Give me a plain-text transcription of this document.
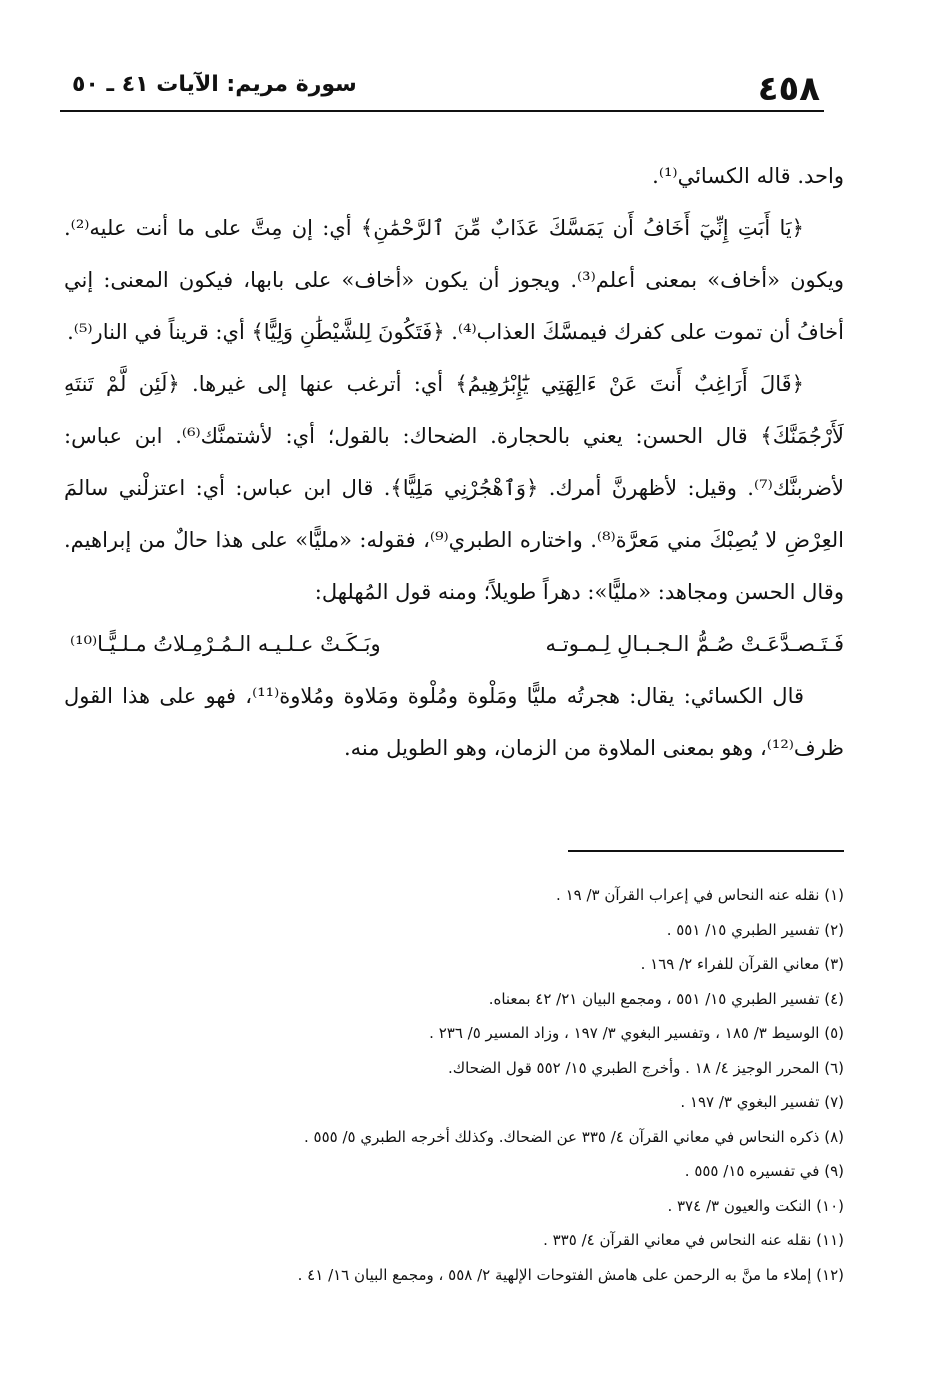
٤٥٨
سورة مريم: الآيات ٤١ ـ ٥٠

واحد. قاله الكسائي⁽¹⁾.

﴿يَا أَبَتِ إِنِّيٓ أَخَافُ أَن يَمَسَّكَ عَذَابٌ مِّنَ ٱلرَّحْمَٰنِ﴾ أي: إن مِتَّ على ما أنت عليه⁽²⁾. ويكون «أخاف» بمعنى أعلم⁽³⁾. ويجوز أن يكون «أخاف» على بابها، فيكون المعنى: إني أخافُ أن تموت على كفرك فيمسَّكَ العذاب⁽⁴⁾. ﴿فَتَكُونَ لِلشَّيْطَٰنِ وَلِيًّا﴾ أي: قريناً في النار⁽⁵⁾.

﴿قَالَ أَرَاغِبٌ أَنتَ عَنْ ءَالِهَتِي يَٰٓإِبْرَٰهِيمُ﴾ أي: أترغب عنها إلى غيرها. ﴿لَئِن لَّمْ تَنتَهِ لَأَرْجُمَنَّكَ﴾ قال الحسن: يعني بالحجارة. الضحاك: بالقول؛ أي: لأشتمنَّك⁽⁶⁾. ابن عباس: لأضربنَّك⁽⁷⁾. وقيل: لأظهرنَّ أمرك. ﴿وَٱهْجُرْنِي مَلِيًّا﴾. قال ابن عباس: أي: اعتزلْني سالمَ العِرْضِ لا يُصِبْكَ مني مَعرَّة⁽⁸⁾. واختاره الطبري⁽⁹⁾، فقوله: «مليًّا» على هذا حالٌ من إبراهيم. وقال الحسن ومجاهد: «مليًّا»: دهراً طويلاً؛ ومنه قول المُهلهل:

فَـتَـصـدَّعَـتْ صُـمُّ الـجـبـالِ لِـمـوتـه
وبَـكَـتْ عـلـيـه الـمُـرْمِـلاتُ مـلـيًّـا⁽¹⁰⁾

قال الكسائي: يقال: هجرتُه مليًّا ومَلْوة ومُلْوة ومَلاوة ومُلاوة⁽¹¹⁾، فهو على هذا القول ظرف⁽¹²⁾، وهو بمعنى الملاوة من الزمان، وهو الطويل منه.

(١) نقله عنه النحاس في إعراب القرآن ٣/ ١٩ .
(٢) تفسير الطبري ١٥/ ٥٥١ .
(٣) معاني القرآن للفراء ٢/ ١٦٩ .
(٤) تفسير الطبري ١٥/ ٥٥١ ، ومجمع البيان ٢١/ ٤٢ بمعناه.
(٥) الوسيط ٣/ ١٨٥ ، وتفسير البغوي ٣/ ١٩٧ ، وزاد المسير ٥/ ٢٣٦ .
(٦) المحرر الوجيز ٤/ ١٨ . وأخرج الطبري ١٥/ ٥٥٢ قول الضحاك.
(٧) تفسير البغوي ٣/ ١٩٧ .
(٨) ذكره النحاس في معاني القرآن ٤/ ٣٣٥ عن الضحاك. وكذلك أخرجه الطبري ٥/ ٥٥٥ .
(٩) في تفسيره ١٥/ ٥٥٥ .
(١٠) النكت والعيون ٣/ ٣٧٤ .
(١١) نقله عنه النحاس في معاني القرآن ٤/ ٣٣٥ .
(١٢) إملاء ما منَّ به الرحمن على هامش الفتوحات الإلهية ٢/ ٥٥٨ ، ومجمع البيان ١٦/ ٤١ .
